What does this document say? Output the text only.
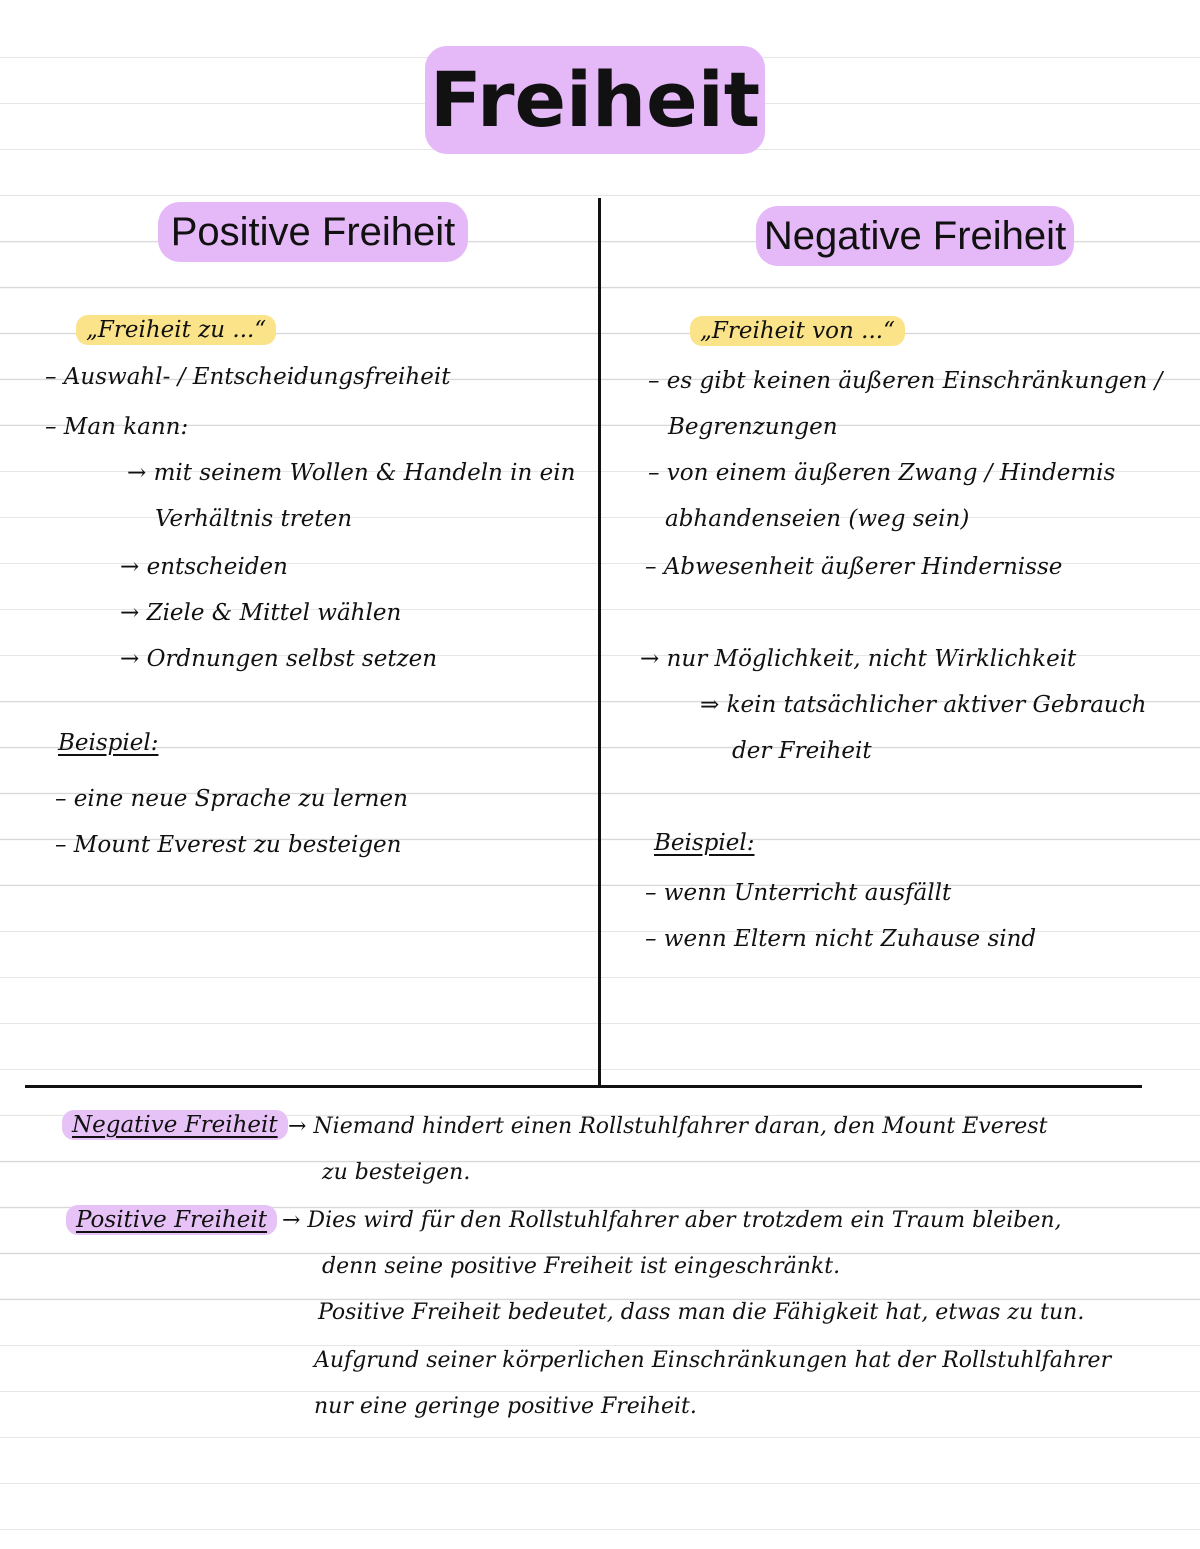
Freiheit
Positive Freiheit	Negative Freiheit
„Freiheit zu ...“
– Auswahl- / Entscheidungsfreiheit
– Man kann:
→ mit seinem Wollen & Handeln in ein
Verhältnis treten
→ entscheiden
→ Ziele & Mittel wählen
→ Ordnungen selbst setzen
Beispiel:
– eine neue Sprache zu lernen
– Mount Everest zu besteigen
„Freiheit von ...“
– es gibt keinen äußeren Einschränkungen /
Begrenzungen
– von einem äußeren Zwang / Hindernis
abhandenseien (weg sein)
– Abwesenheit äußerer Hindernisse
→ nur Möglichkeit, nicht Wirklichkeit
⇒ kein tatsächlicher aktiver Gebrauch
der Freiheit
Beispiel:
– wenn Unterricht ausfällt
– wenn Eltern nicht Zuhause sind
Negative Freiheit → Niemand hindert einen Rollstuhlfahrer daran, den Mount Everest
zu besteigen.
Positive Freiheit → Dies wird für den Rollstuhlfahrer aber trotzdem ein Traum bleiben,
denn seine positive Freiheit ist eingeschränkt.
Positive Freiheit bedeutet, dass man die Fähigkeit hat, etwas zu tun.
Aufgrund seiner körperlichen Einschränkungen hat der Rollstuhlfahrer
nur eine geringe positive Freiheit.
